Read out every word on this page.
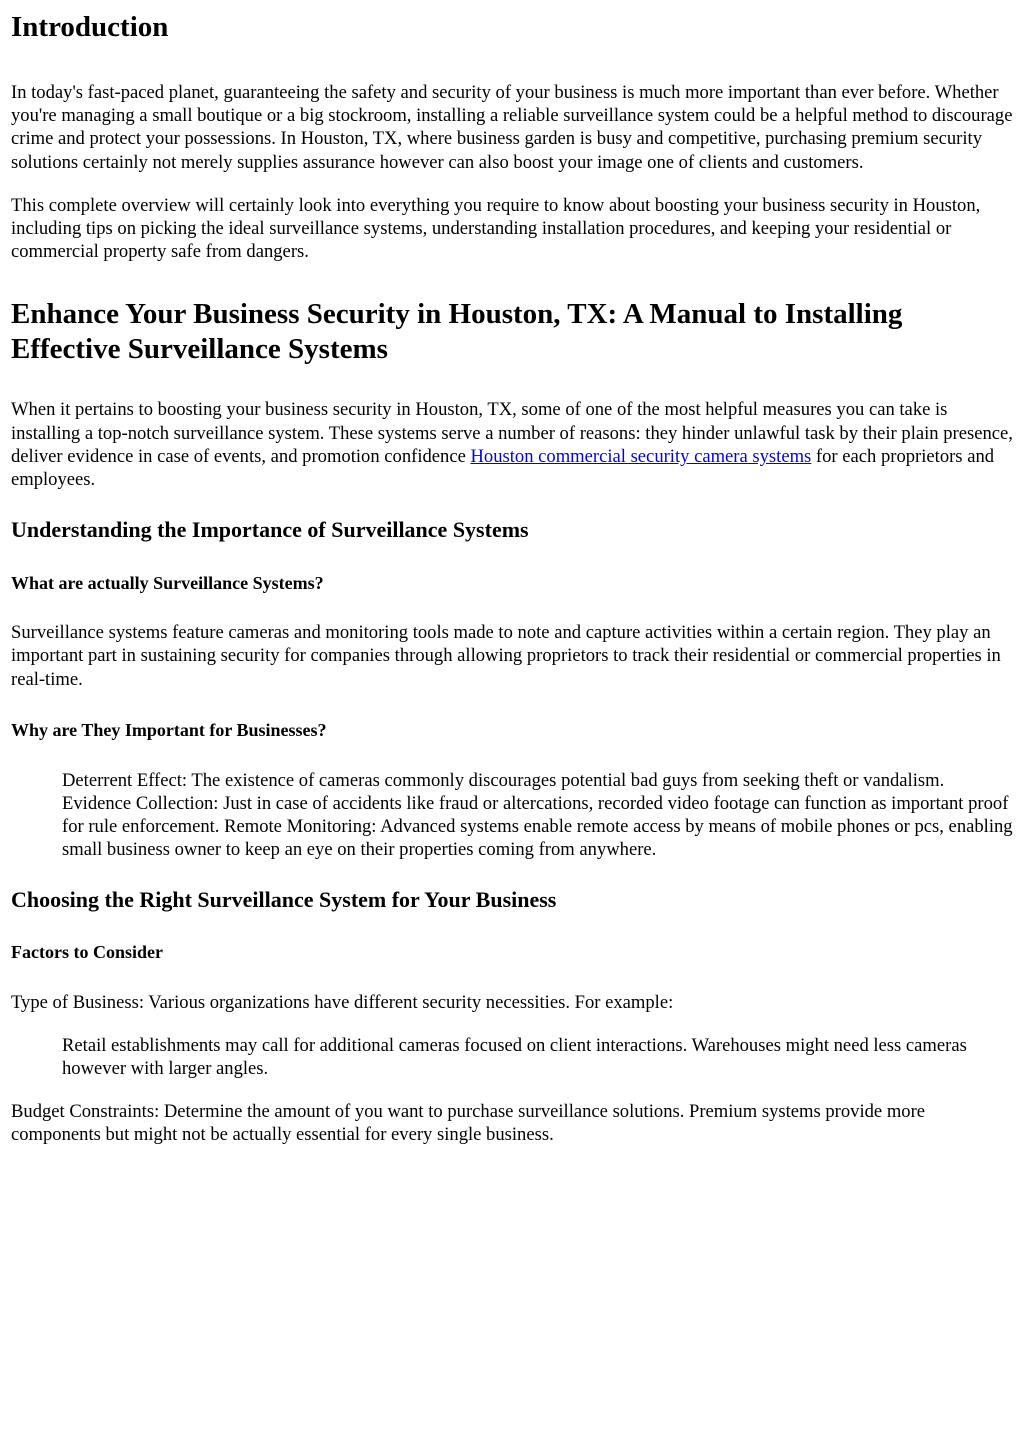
Introduction

In today's fast-paced planet, guaranteeing the safety and security of your business is much more important than ever before. Whether you're managing a small boutique or a big stockroom, installing a reliable surveillance system could be a helpful method to discourage crime and protect your possessions. In Houston, TX, where business garden is busy and competitive, purchasing premium security solutions certainly not merely supplies assurance however can also boost your image one of clients and customers.

This complete overview will certainly look into everything you require to know about boosting your business security in Houston, including tips on picking the ideal surveillance systems, understanding installation procedures, and keeping your residential or commercial property safe from dangers.

Enhance Your Business Security in Houston, TX: A Manual to Installing Effective Surveillance Systems

When it pertains to boosting your business security in Houston, TX, some of one of the most helpful measures you can take is installing a top-notch surveillance system. These systems serve a number of reasons: they hinder unlawful task by their plain presence, deliver evidence in case of events, and promotion confidence Houston commercial security camera systems for each proprietors and employees.

Understanding the Importance of Surveillance Systems
What are actually Surveillance Systems?

Surveillance systems feature cameras and monitoring tools made to note and capture activities within a certain region. They play an important part in sustaining security for companies through allowing proprietors to track their residential or commercial properties in real-time.

Why are They Important for Businesses?

Deterrent Effect: The existence of cameras commonly discourages potential bad guys from seeking theft or vandalism. Evidence Collection: Just in case of accidents like fraud or altercations, recorded video footage can function as important proof for rule enforcement. Remote Monitoring: Advanced systems enable remote access by means of mobile phones or pcs, enabling small business owner to keep an eye on their properties coming from anywhere.

Choosing the Right Surveillance System for Your Business
Factors to Consider

Type of Business: Various organizations have different security necessities. For example:

Retail establishments may call for additional cameras focused on client interactions. Warehouses might need less cameras however with larger angles.

Budget Constraints: Determine the amount of you want to purchase surveillance solutions. Premium systems provide more components but might not be actually essential for every single business.
